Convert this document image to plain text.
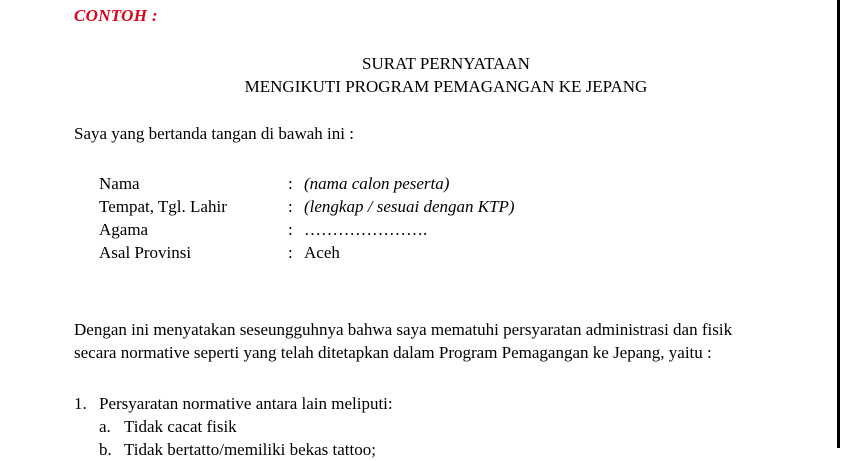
CONTOH :
SURAT PERNYATAAN
MENGIKUTI PROGRAM PEMAGANGAN KE JEPANG
Saya yang bertanda tangan di bawah ini :
Nama	: (nama calon peserta)
Tempat, Tgl. Lahir	: (lengkap / sesuai dengan KTP)
Agama	: ………………….
Asal Provinsi	: Aceh
Dengan ini menyatakan seseungguhnya bahwa saya mematuhi persyaratan administrasi dan fisik
secara normative seperti yang telah ditetapkan dalam Program Pemagangan ke Jepang, yaitu :
1. Persyaratan normative antara lain meliputi:
a. Tidak cacat fisik
b. Tidak bertatto/memiliki bekas tattoo;
